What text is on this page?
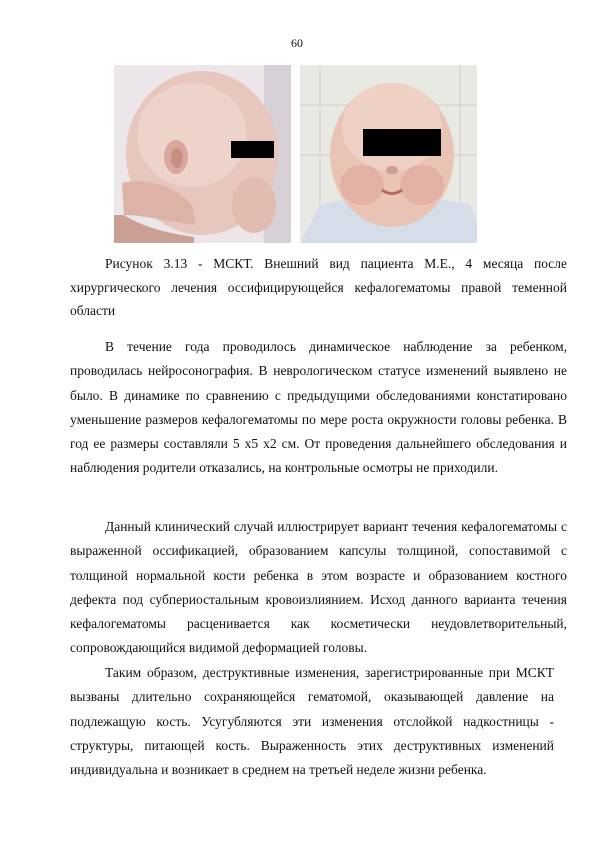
60

Рисунок 3.13 - МСКТ. Внешний вид пациента М.Е., 4 месяца после хирургического лечения оссифицирующейся кефалогематомы правой теменной области

В течение года проводилось динамическое наблюдение за ребенком, проводилась нейросонография. В неврологическом статусе изменений выявлено не было. В динамике по сравнению с предыдущими обследованиями констатировано уменьшение размеров кефалогематомы по мере роста окружности головы ребенка. В год ее размеры составляли 5 х5 х2 см. От проведения дальнейшего обследования и наблюдения родители отказались, на контрольные осмотры не приходили.

Данный клинический случай иллюстрирует вариант течения кефалогематомы с выраженной оссификацией, образованием капсулы толщиной, сопоставимой с толщиной нормальной кости ребенка в этом возрасте и образованием костного дефекта под субпериостальным кровоизлиянием. Исход данного варианта течения кефалогематомы расценивается как косметически неудовлетворительный, сопровождающийся видимой деформацией головы.

Таким образом, деструктивные изменения, зарегистрированные при МСКТ вызваны длительно сохраняющейся гематомой, оказывающей давление на подлежащую кость. Усугубляются эти изменения отслойкой надкостницы - структуры, питающей кость. Выраженность этих деструктивных изменений индивидуальна и возникает в среднем на третьей неделе жизни ребенка.
